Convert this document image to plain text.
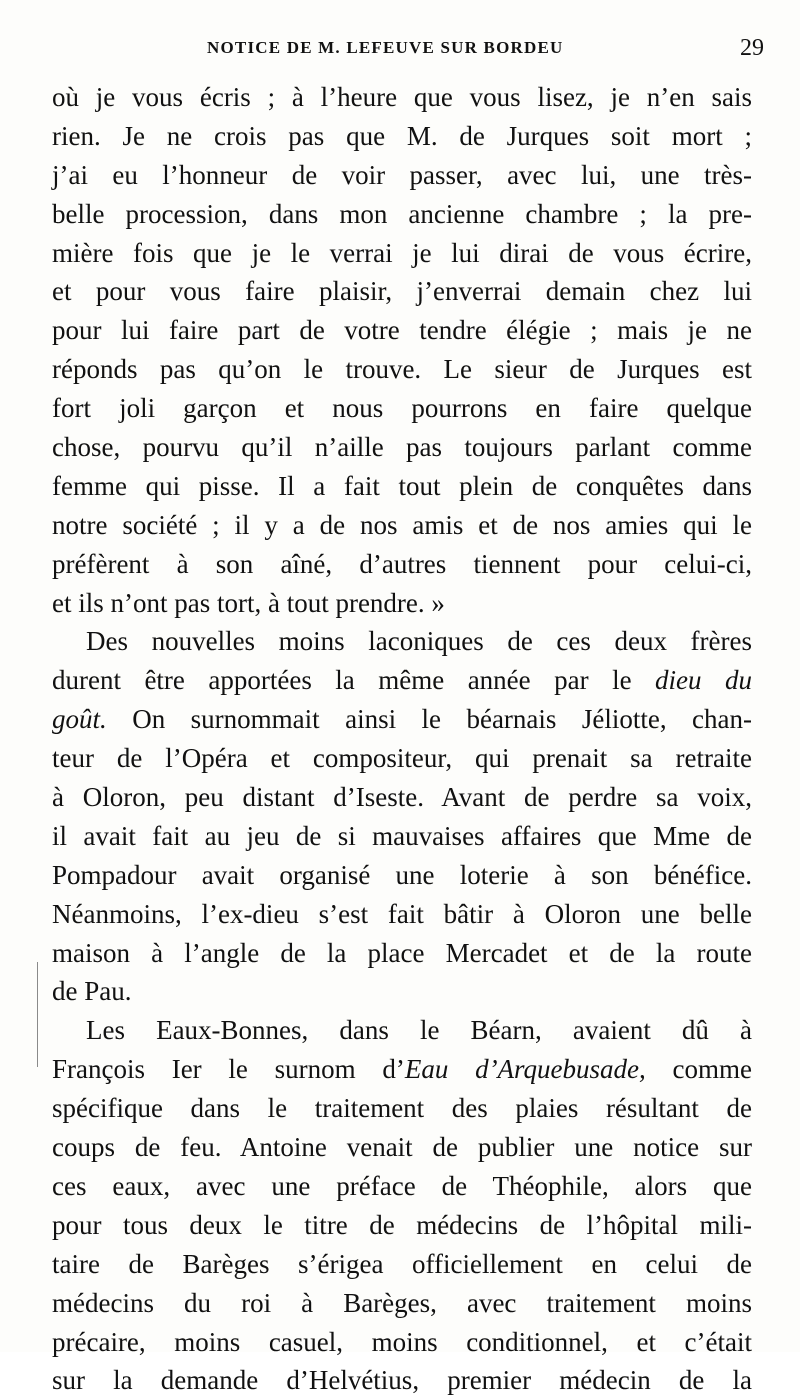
NOTICE DE M. LEFEUVE SUR BORDEU	29
où je vous écris ; à l’heure que vous lisez, je n’en sais
rien. Je ne crois pas que M. de Jurques soit mort ;
j’ai eu l’honneur de voir passer, avec lui, une très-
belle procession, dans mon ancienne chambre ; la pre-
mière fois que je le verrai je lui dirai de vous écrire,
et pour vous faire plaisir, j’enverrai demain chez lui
pour lui faire part de votre tendre élégie ; mais je ne
réponds pas qu’on le trouve. Le sieur de Jurques est
fort joli garçon et nous pourrons en faire quelque
chose, pourvu qu’il n’aille pas toujours parlant comme
femme qui pisse. Il a fait tout plein de conquêtes dans
notre société ; il y a de nos amis et de nos amies qui le
préfèrent à son aîné, d’autres tiennent pour celui-ci,
et ils n’ont pas tort, à tout prendre. »
Des nouvelles moins laconiques de ces deux frères
durent être apportées la même année par le dieu du
goût. On surnommait ainsi le béarnais Jéliotte, chan-
teur de l’Opéra et compositeur, qui prenait sa retraite
à Oloron, peu distant d’Iseste. Avant de perdre sa voix,
il avait fait au jeu de si mauvaises affaires que Mme de
Pompadour avait organisé une loterie à son bénéfice.
Néanmoins, l’ex-dieu s’est fait bâtir à Oloron une belle
maison à l’angle de la place Mercadet et de la route
de Pau.
Les Eaux-Bonnes, dans le Béarn, avaient dû à
François Ier le surnom d’Eau d’Arquebusade, comme
spécifique dans le traitement des plaies résultant de
coups de feu. Antoine venait de publier une notice sur
ces eaux, avec une préface de Théophile, alors que
pour tous deux le titre de médecins de l’hôpital mili-
taire de Barèges s’érigea officiellement en celui de
médecins du roi à Barèges, avec traitement moins
précaire, moins casuel, moins conditionnel, et c’était
sur la demande d’Helvétius, premier médecin de la
